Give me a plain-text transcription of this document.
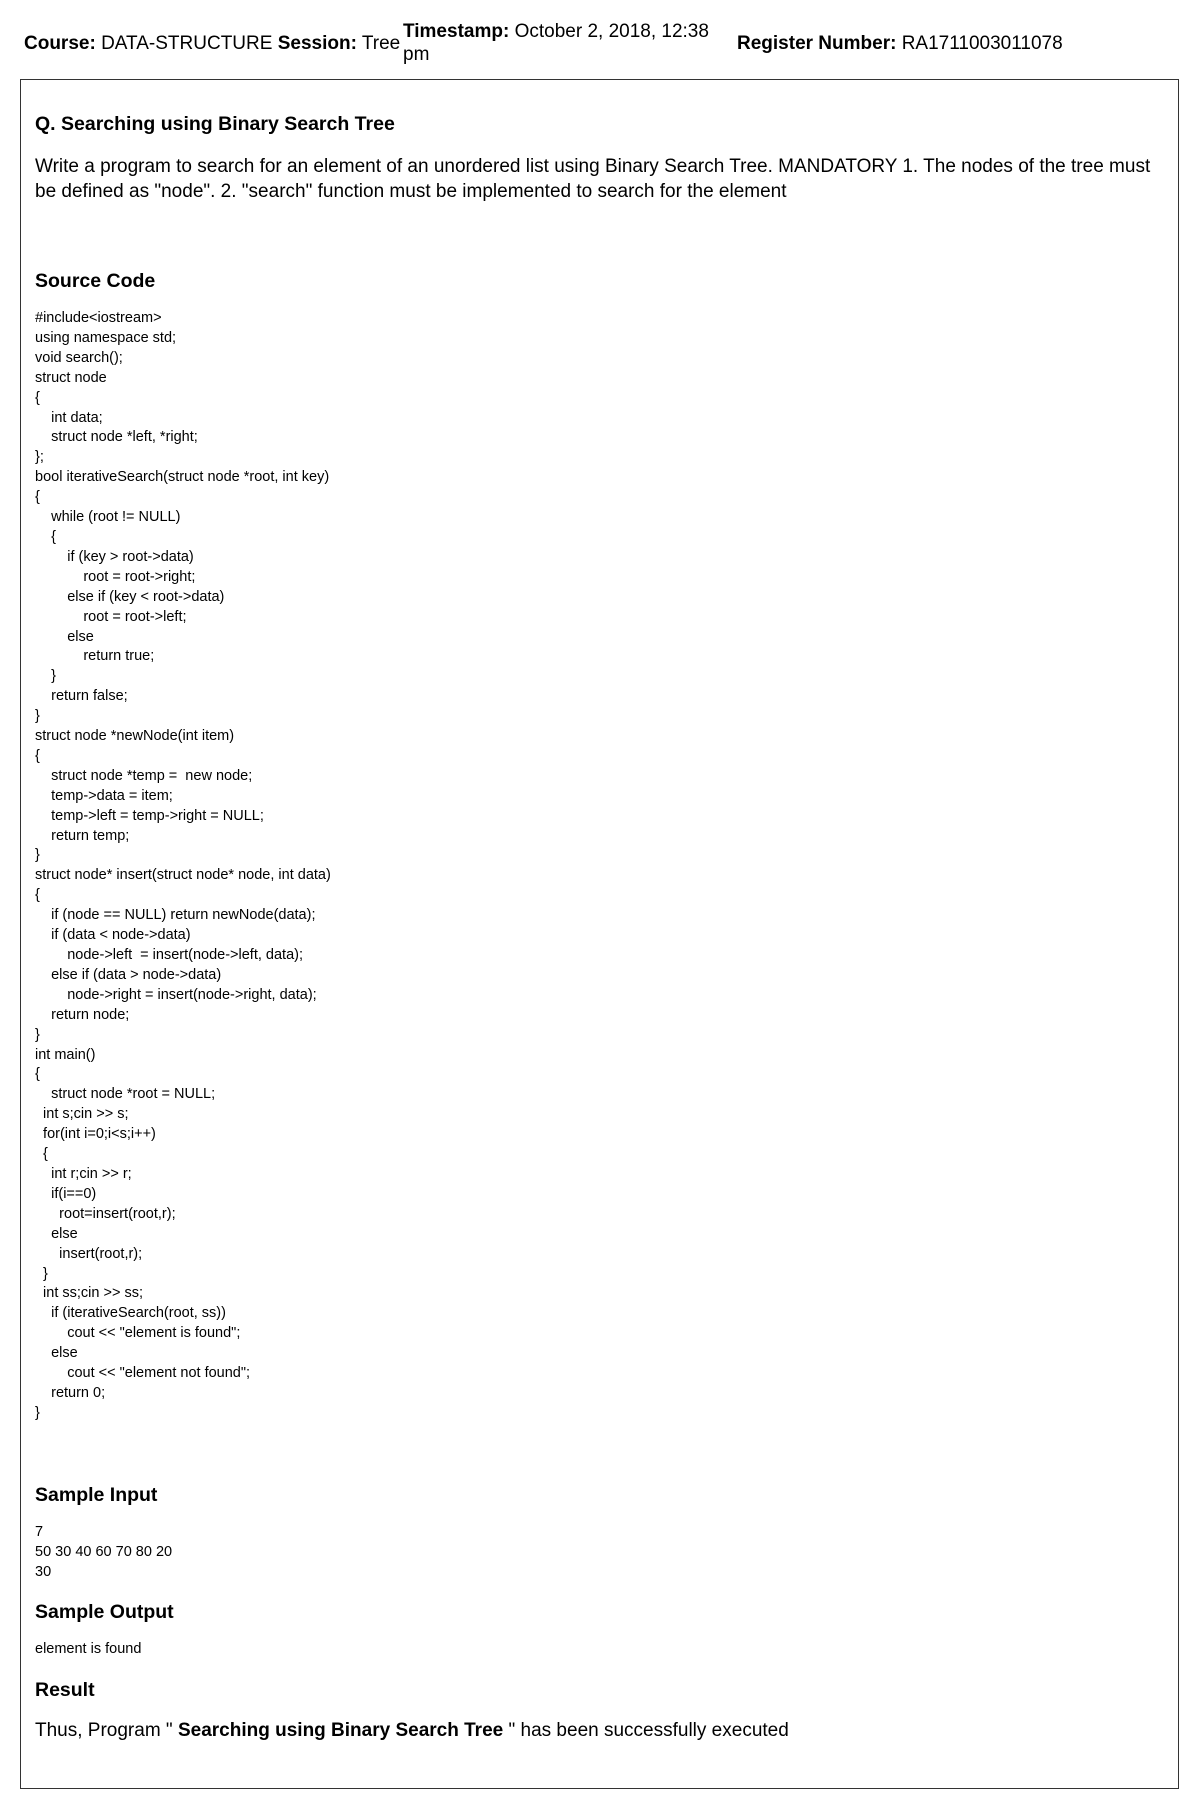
Course: DATA-STRUCTURE Session: Tree
Timestamp: October 2, 2018, 12:38 pm
Register Number: RA1711003011078
Q. Searching using Binary Search Tree

Write a program to search for an element of an unordered list using Binary Search Tree. MANDATORY 1. The nodes of the tree must be defined as "node". 2. "search" function must be implemented to search for the element

Source Code
#include<iostream>
using namespace std;
void search();
struct node
{
int data;
struct node *left, *right;
};
bool iterativeSearch(struct node *root, int key)
{
while (root != NULL)
{
if (key > root->data)
root = root->right;
else if (key < root->data)
root = root->left;
else
return true;
}
return false;
}
struct node *newNode(int item)
{
struct node *temp =  new node;
temp->data = item;
temp->left = temp->right = NULL;
return temp;
}
struct node* insert(struct node* node, int data)
{
if (node == NULL) return newNode(data);
if (data < node->data)
node->left  = insert(node->left, data);
else if (data > node->data)
node->right = insert(node->right, data);
return node;
}
int main()
{
struct node *root = NULL;
int s;cin >> s;
for(int i=0;i<s;i++)
{
int r;cin >> r;
if(i==0)
root=insert(root,r);
else
insert(root,r);
}
int ss;cin >> ss;
if (iterativeSearch(root, ss))
cout << "element is found";
else
cout << "element not found";
return 0;
}
Sample Input
7
50 30 40 60 70 80 20
30
Sample Output
element is found
Result

Thus, Program " Searching using Binary Search Tree " has been successfully executed
